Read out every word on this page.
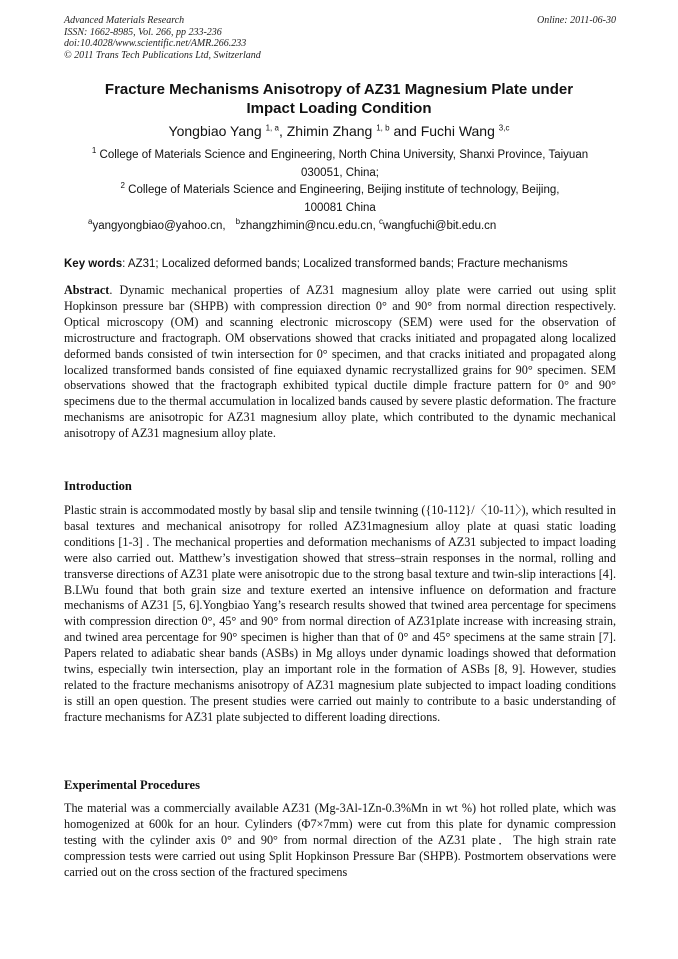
Advanced Materials Research
ISSN: 1662-8985, Vol. 266, pp 233-236
doi:10.4028/www.scientific.net/AMR.266.233
© 2011 Trans Tech Publications Ltd, Switzerland
Online: 2011-06-30
Fracture Mechanisms Anisotropy of AZ31 Magnesium Plate under
Impact Loading Condition
Yongbiao Yang $^{1, a}$, Zhimin Zhang $^{1, b}$ and Fuchi Wang $^{3,c}$
$^1$ College of Materials Science and Engineering, North China University, Shanxi Province, Taiyuan
030051, China;
$^2$ College of Materials Science and Engineering, Beijing institute of technology, Beijing,
100081 China
$^a$yangyongbiao@yahoo.cn, $^b$zhangzhimin@ncu.edu.cn, $^c$wangfuchi@bit.edu.cn
Key words: AZ31; Localized deformed bands; Localized transformed bands; Fracture mechanisms
Abstract. Dynamic mechanical properties of AZ31 magnesium alloy plate were carried out using split Hopkinson pressure bar (SHPB) with compression direction 0° and 90° from normal direction respectively. Optical microscopy (OM) and scanning electronic microscopy (SEM) were used for the observation of microstructure and fractograph. OM observations showed that cracks initiated and propagated along localized deformed bands consisted of twin intersection for 0° specimen, and that cracks initiated and propagated along localized transformed bands consisted of fine equiaxed dynamic recrystallized grains for 90° specimen. SEM observations showed that the fractograph exhibited typical ductile dimple fracture pattern for 0° and 90° specimens due to the thermal accumulation in localized bands caused by severe plastic deformation. The fracture mechanisms are anisotropic for AZ31 magnesium alloy plate, which contributed to the dynamic mechanical anisotropy of AZ31 magnesium alloy plate.
Introduction
Plastic strain is accommodated mostly by basal slip and tensile twinning ({10-112}/〈10-11〉), which resulted in basal textures and mechanical anisotropy for rolled AZ31magnesium alloy plate at quasi static loading conditions [1-3] . The mechanical properties and deformation mechanisms of AZ31 subjected to impact loading were also carried out. Matthew’s investigation showed that stress–strain responses in the normal, rolling and transverse directions of AZ31 plate were anisotropic due to the strong basal texture and twin-slip interactions [4]. B.LWu found that both grain size and texture exerted an intensive influence on deformation and fracture mechanisms of AZ31 [5, 6].Yongbiao Yang’s research results showed that twined area percentage for specimens with compression direction 0°, 45° and 90° from normal direction of AZ31plate increase with increasing strain, and twined area percentage for 90° specimen is higher than that of 0° and 45° specimens at the same strain [7]. Papers related to adiabatic shear bands (ASBs) in Mg alloys under dynamic loadings showed that deformation twins, especially twin intersection, play an important role in the formation of ASBs [8, 9]. However, studies related to the fracture mechanisms anisotropy of AZ31 magnesium plate subjected to impact loading conditions is still an open question. The present studies were carried out mainly to contribute to a basic understanding of fracture mechanisms for AZ31 plate subjected to different loading directions.
Experimental Procedures
The material was a commercially available AZ31 (Mg-3Al-1Zn-0.3%Mn in wt %) hot rolled plate, which was homogenized at 600k for an hour. Cylinders (Φ7×7mm) were cut from this plate for dynamic compression testing with the cylinder axis 0° and 90° from normal direction of the AZ31 plate．The high strain rate compression tests were carried out using Split Hopkinson Pressure Bar (SHPB). Postmortem observations were carried out on the cross section of the fractured specimens
